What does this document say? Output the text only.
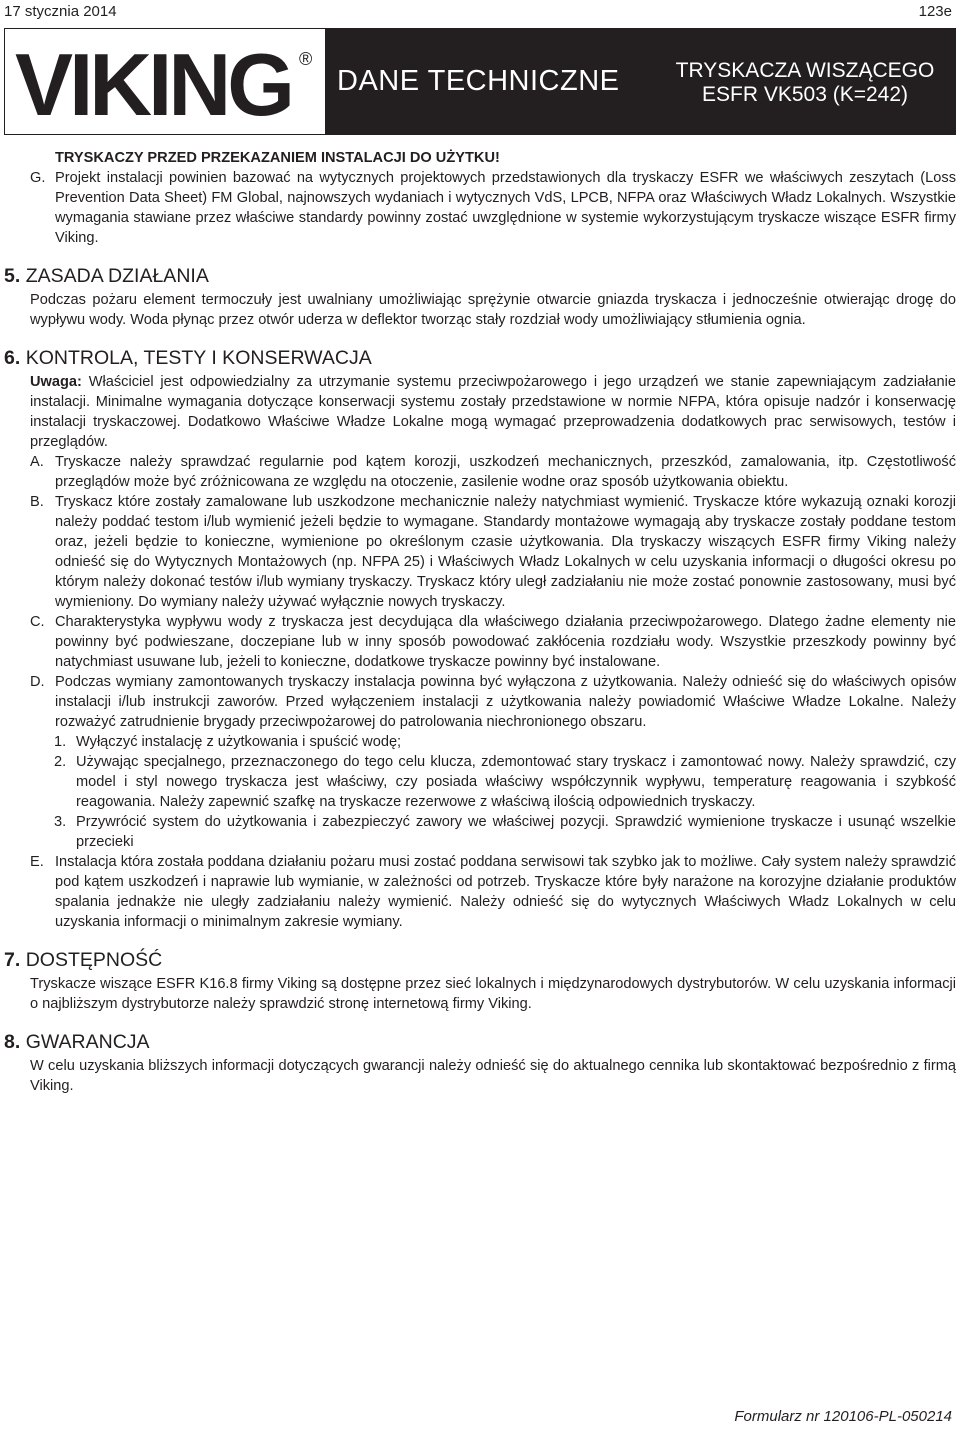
17 stycznia 2014	123e
VIKING ®
DANE TECHNICZNE	TRYSKACZA WISZĄCEGO
ESFR VK503 (K=242)

TRYSKACZY PRZED PRZEKAZANIEM INSTALACJI DO UŻYTKU!

G. Projekt instalacji powinien bazować na wytycznych projektowych przedstawionych dla tryskaczy ESFR we właściwych zeszytach (Loss Prevention Data Sheet) FM Global, najnowszych wydaniach i wytycznych VdS, LPCB, NFPA oraz Właściwych Władz Lokalnych. Wszystkie wymagania stawiane przez właściwe standardy powinny zostać uwzględnione w systemie wykorzystującym tryskacze wiszące ESFR firmy Viking.
5. ZASADA DZIAŁANIA

Podczas pożaru element termoczuły jest uwalniany umożliwiając sprężynie otwarcie gniazda tryskacza i jednocześnie otwierając drogę do wypływu wody. Woda płynąc przez otwór uderza w deflektor tworząc stały rozdział wody umożliwiający stłumienia ognia.

6. KONTROLA, TESTY I KONSERWACJA

Uwaga: Właściciel jest odpowiedzialny za utrzymanie systemu przeciwpożarowego i jego urządzeń we stanie zapewniającym zadziałanie instalacji. Minimalne wymagania dotyczące konserwacji systemu zostały przedstawione w normie NFPA, która opisuje nadzór i konserwację instalacji tryskaczowej. Dodatkowo Właściwe Władze Lokalne mogą wymagać przeprowadzenia dodatkowych prac serwisowych, testów i przeglądów.

A. Tryskacze należy sprawdzać regularnie pod kątem korozji, uszkodzeń mechanicznych, przeszkód, zamalowania, itp. Częstotliwość przeglądów może być zróżnicowana ze względu na otoczenie, zasilenie wodne oraz sposób użytkowania obiektu.
B. Tryskacz które zostały zamalowane lub uszkodzone mechanicznie należy natychmiast wymienić. Tryskacze które wykazują oznaki korozji należy poddać testom i/lub wymienić jeżeli będzie to wymagane. Standardy montażowe wymagają aby tryskacze zostały poddane testom oraz, jeżeli będzie to konieczne, wymienione po określonym czasie użytkowania. Dla tryskaczy wiszących ESFR firmy Viking należy odnieść się do Wytycznych Montażowych (np. NFPA 25) i Właściwych Władz Lokalnych w celu uzyskania informacji o długości okresu po którym należy dokonać testów i/lub wymiany tryskaczy. Tryskacz który uległ zadziałaniu nie może zostać ponownie zastosowany, musi być wymieniony. Do wymiany należy używać wyłącznie nowych tryskaczy.
C. Charakterystyka wypływu wody z tryskacza jest decydująca dla właściwego działania przeciwpożarowego. Dlatego żadne elementy nie powinny być podwieszane, doczepiane lub w inny sposób powodować zakłócenia rozdziału wody. Wszystkie przeszkody powinny być natychmiast usuwane lub, jeżeli to konieczne, dodatkowe tryskacze powinny być instalowane.
D. Podczas wymiany zamontowanych tryskaczy instalacja powinna być wyłączona z użytkowania. Należy odnieść się do właściwych opisów instalacji i/lub instrukcji zaworów. Przed wyłączeniem instalacji z użytkowania należy powiadomić Właściwe Władze Lokalne. Należy rozważyć zatrudnienie brygady przeciwpożarowej do patrolowania niechronionego obszaru.
1. Wyłączyć instalację z użytkowania i spuścić wodę;
2. Używając specjalnego, przeznaczonego do tego celu klucza, zdemontować stary tryskacz i zamontować nowy. Należy sprawdzić, czy model i styl nowego tryskacza jest właściwy, czy posiada właściwy współczynnik wypływu, temperaturę reagowania i szybkość reagowania. Należy zapewnić szafkę na tryskacze rezerwowe z właściwą ilością odpowiednich tryskaczy.
3. Przywrócić system do użytkowania i zabezpieczyć zawory we właściwej pozycji. Sprawdzić wymienione tryskacze i usunąć wszelkie przecieki
E. Instalacja która została poddana działaniu pożaru musi zostać poddana serwisowi tak szybko jak to możliwe. Cały system należy sprawdzić pod kątem uszkodzeń i naprawie lub wymianie, w zależności od potrzeb. Tryskacze które były narażone na korozyjne działanie produktów spalania jednakże nie uległy zadziałaniu należy wymienić. Należy odnieść się do wytycznych Właściwych Władz Lokalnych w celu uzyskania informacji o minimalnym zakresie wymiany.
7. DOSTĘPNOŚĆ

Tryskacze wiszące ESFR K16.8 firmy Viking są dostępne przez sieć lokalnych i międzynarodowych dystrybutorów. W celu uzyskania informacji o najbliższym dystrybutorze należy sprawdzić stronę internetową firmy Viking.

8. GWARANCJA

W celu uzyskania bliższych informacji dotyczących gwarancji należy odnieść się do aktualnego cennika lub skontaktować bezpośrednio z firmą Viking.

Formularz nr 120106-PL-050214
